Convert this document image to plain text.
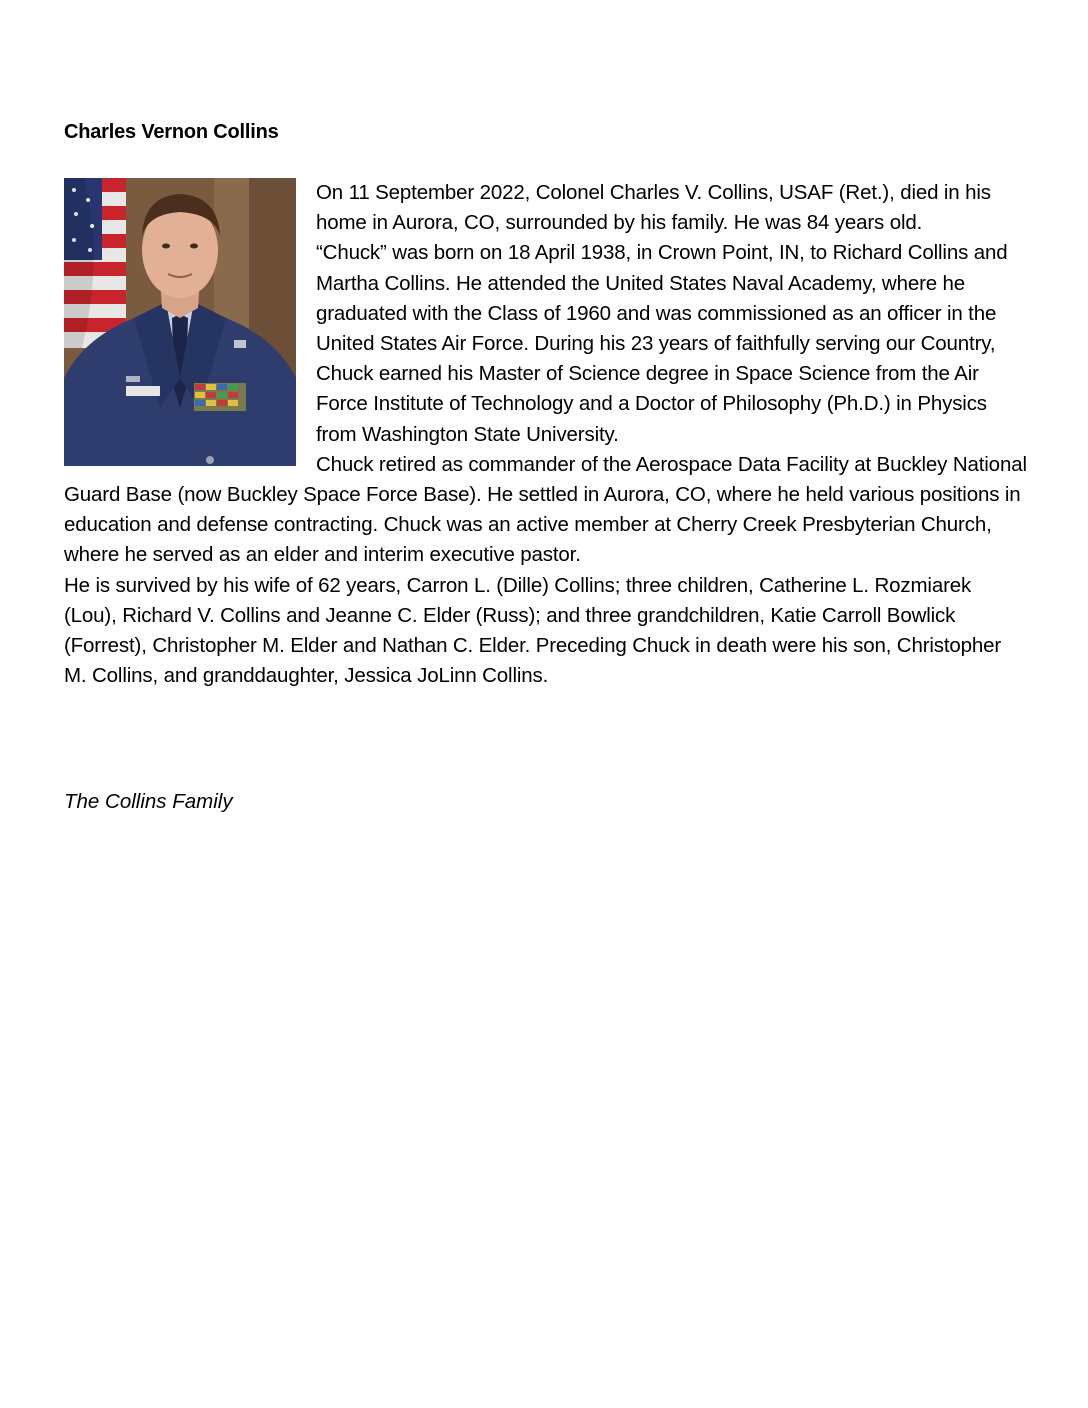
Charles Vernon Collins

On 11 September 2022, Colonel Charles V. Collins, USAF (Ret.), died in his home in Aurora, CO, surrounded by his family. He was 84 years old.

“Chuck” was born on 18 April 1938, in Crown Point, IN, to Richard Collins and Martha Collins. He attended the United States Naval Academy, where he graduated with the Class of 1960 and was commissioned as an officer in the United States Air Force. During his 23 years of faithfully serving our Country, Chuck earned his Master of Science degree in Space Science from the Air Force Institute of Technology and a Doctor of Philosophy (Ph.D.) in Physics from Washington State University.

Chuck retired as commander of the Aerospace Data Facility at Buckley National Guard Base (now Buckley Space Force Base). He settled in Aurora, CO, where he held various positions in education and defense contracting. Chuck was an active member at Cherry Creek Presbyterian Church, where he served as an elder and interim executive pastor.

He is survived by his wife of 62 years, Carron L. (Dille) Collins; three children, Catherine L. Rozmiarek (Lou), Richard V. Collins and Jeanne C. Elder (Russ); and three grandchildren, Katie Carroll Bowlick (Forrest), Christopher M. Elder and Nathan C. Elder. Preceding Chuck in death were his son, Christopher M. Collins, and granddaughter, Jessica JoLinn Collins.

The Collins Family
